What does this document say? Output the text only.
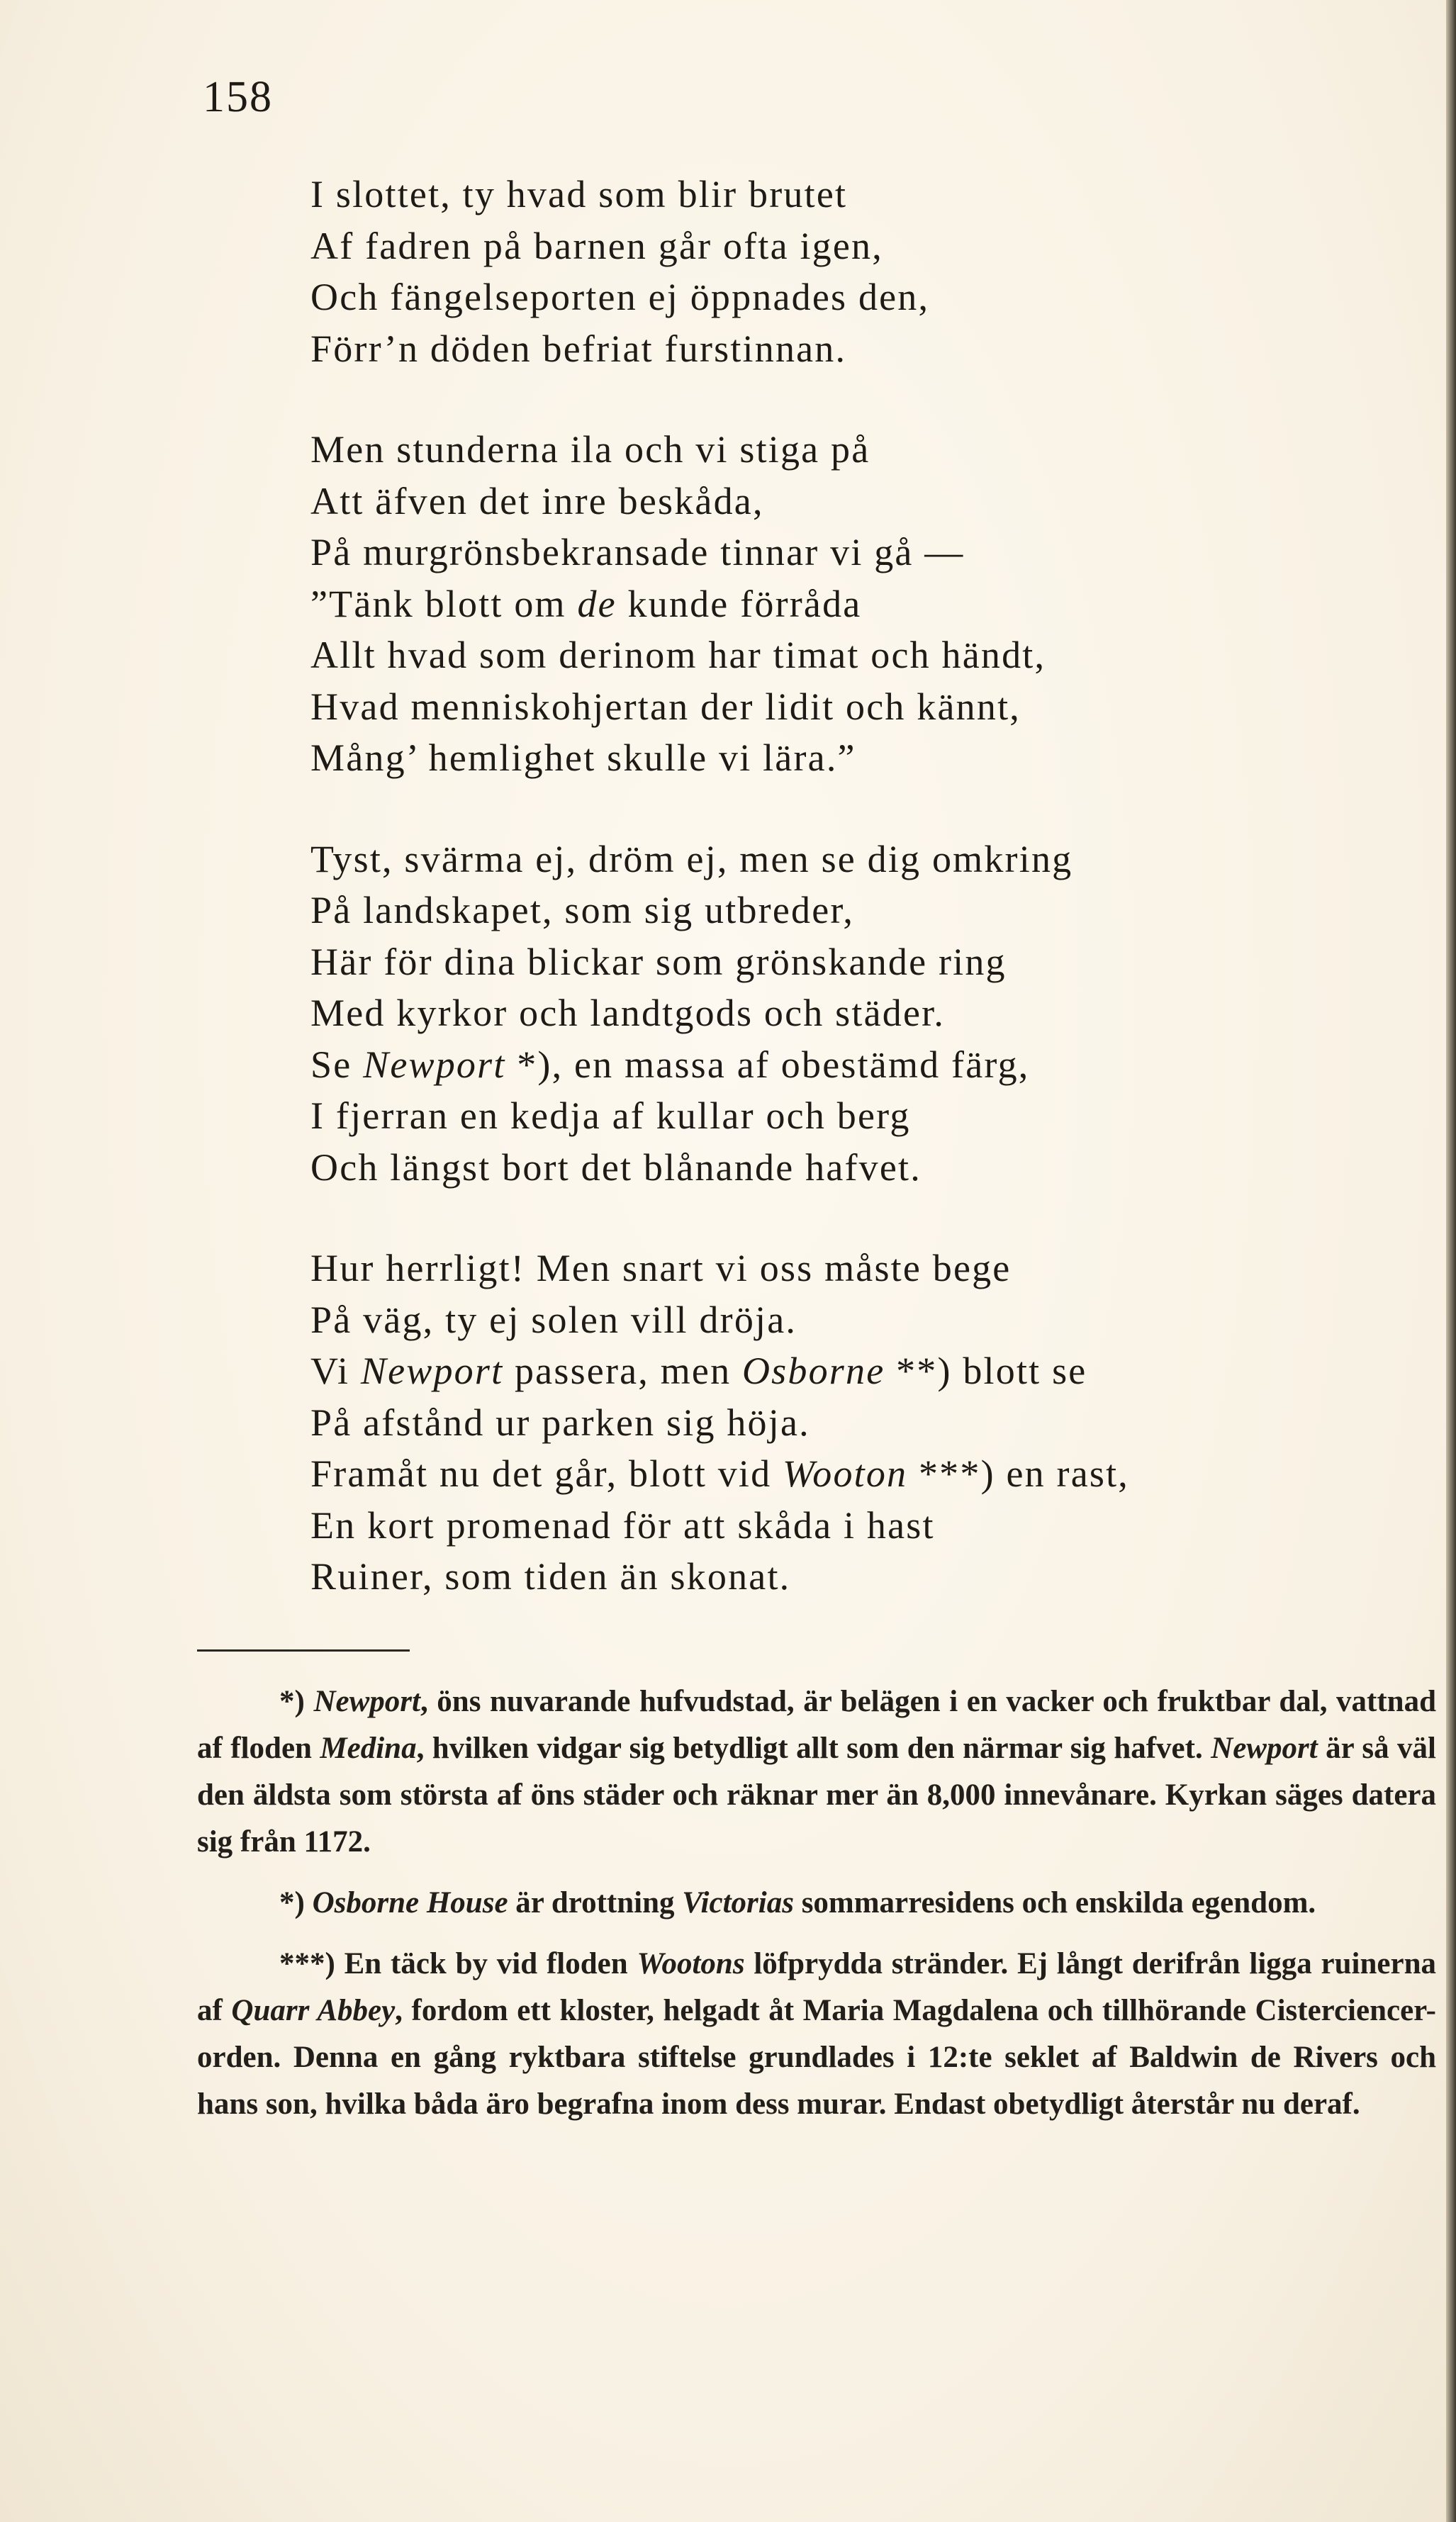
158
I slottet, ty hvad som blir brutet
Af fadren på barnen går ofta igen,
Och fängelseporten ej öppnades den,
Förr’n döden befriat furstinnan.
Men stunderna ila och vi stiga på
Att äfven det inre beskåda,
På murgrönsbekransade tinnar vi gå —
”Tänk blott om de kunde förråda
Allt hvad som derinom har timat och händt,
Hvad menniskohjertan der lidit och kännt,
Mång’ hemlighet skulle vi lära.”
Tyst, svärma ej, dröm ej, men se dig omkring
På landskapet, som sig utbreder,
Här för dina blickar som grönskande ring
Med kyrkor och landtgods och städer.
Se Newport *), en massa af obestämd färg,
I fjerran en kedja af kullar och berg
Och längst bort det blånande hafvet.
Hur herrligt! Men snart vi oss måste bege
På väg, ty ej solen vill dröja.
Vi Newport passera, men Osborne **) blott se
På afstånd ur parken sig höja.
Framåt nu det går, blott vid Wooton ***) en rast,
En kort promenad för att skåda i hast
Ruiner, som tiden än skonat.

*) Newport, öns nuvarande hufvudstad, är belägen i en vacker och fruktbar dal, vattnad af floden Medina, hvilken vidgar sig betydligt allt som den närmar sig hafvet. Newport är så väl den äldsta som största af öns städer och räknar mer än 8,000 innevånare. Kyrkan säges datera sig från 1172.

*) Osborne House är drottning Victorias sommarresidens och enskilda egendom.

***) En täck by vid floden Wootons löfprydda stränder. Ej långt derifrån ligga ruinerna af Quarr Abbey, fordom ett kloster, helgadt åt Maria Magdalena och tillhörande Cisterciencer-orden. Denna en gång ryktbara stiftelse grundlades i 12:te seklet af Baldwin de Rivers och hans son, hvilka båda äro begrafna inom dess murar. Endast obetydligt återstår nu deraf.
